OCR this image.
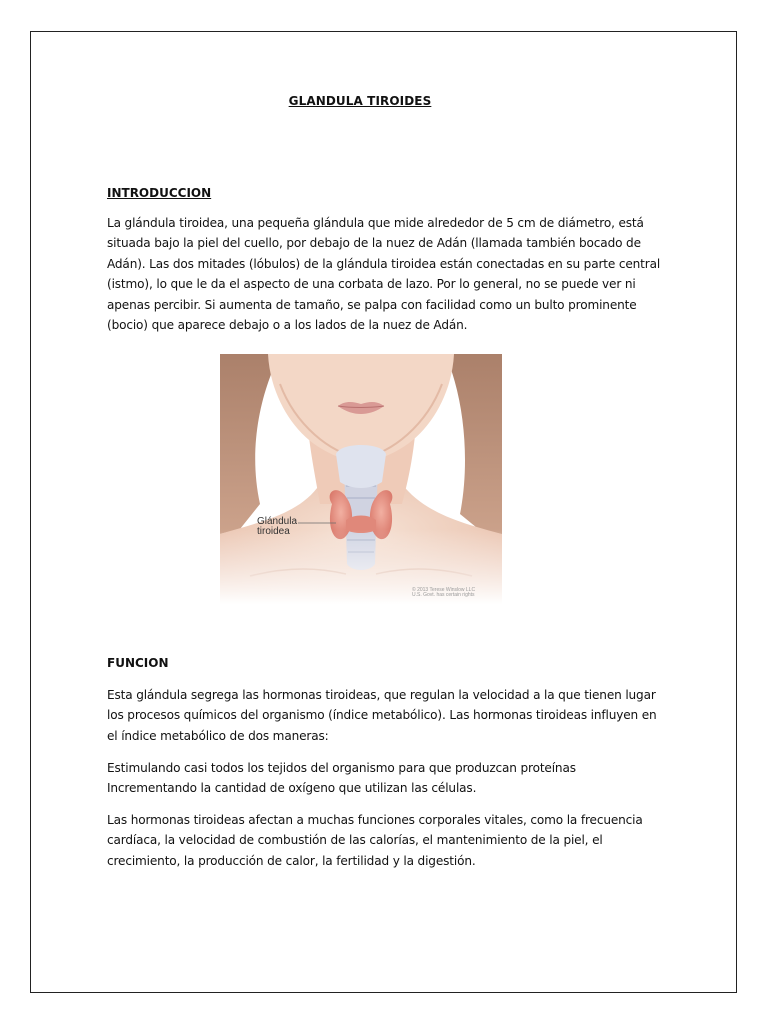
GLANDULA TIROIDES
INTRODUCCION

La glándula tiroidea, una pequeña glándula que mide alrededor de 5 cm de diámetro, está situada bajo la piel del cuello, por debajo de la nuez de Adán (llamada también bocado de Adán). Las dos mitades (lóbulos) de la glándula tiroidea están conectadas en su parte central (istmo), lo que le da el aspecto de una corbata de lazo. Por lo general, no se puede ver ni apenas percibir. Si aumenta de tamaño, se palpa con facilidad como un bulto prominente (bocio) que aparece debajo o a los lados de la nuez de Adán.

Glándula
tiroidea
© 2013 Terese Winslow LLC
U.S. Govt. has certain rights
FUNCION

Esta glándula segrega las hormonas tiroideas, que regulan la velocidad a la que tienen lugar los procesos químicos del organismo (índice metabólico). Las hormonas tiroideas influyen en el índice metabólico de dos maneras:

Estimulando casi todos los tejidos del organismo para que produzcan proteínas Incrementando la cantidad de oxígeno que utilizan las células.

Las hormonas tiroideas afectan a muchas funciones corporales vitales, como la frecuencia cardíaca, la velocidad de combustión de las calorías, el mantenimiento de la piel, el crecimiento, la producción de calor, la fertilidad y la digestión.
